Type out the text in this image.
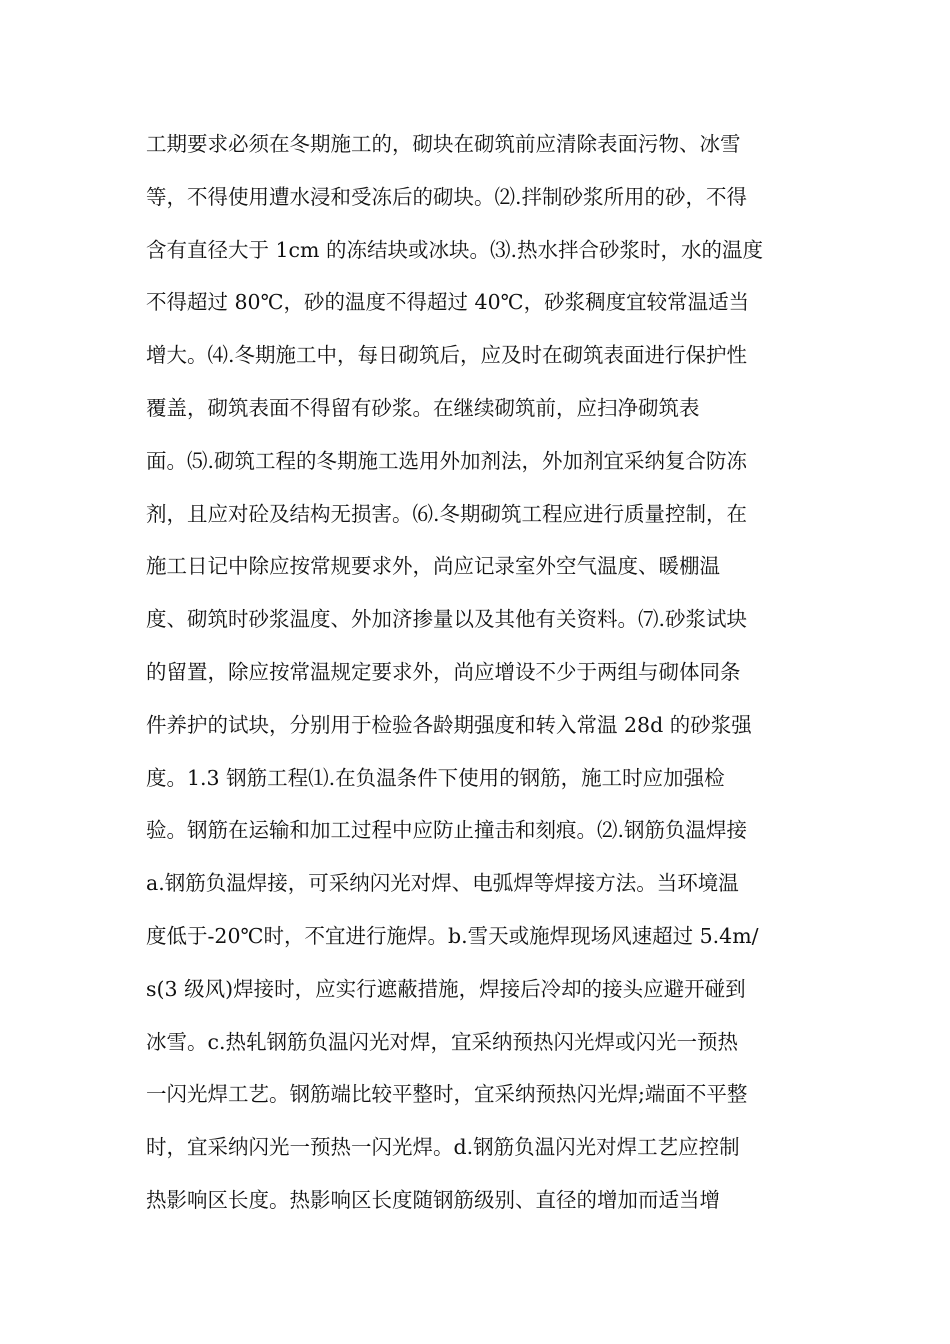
工期要求必须在冬期施工的，砌块在砌筑前应清除表面污物、冰雪
等，不得使用遭水浸和受冻后的砌块。⑵.拌制砂浆所用的砂，不得
含有直径大于 1cm 的冻结块或冰块。⑶.热水拌合砂浆时，水的温度
不得超过 80℃，砂的温度不得超过 40℃，砂浆稠度宜较常温适当
增大。⑷.冬期施工中，每日砌筑后，应及时在砌筑表面进行保护性
覆盖，砌筑表面不得留有砂浆。在继续砌筑前，应扫净砌筑表
面。⑸.砌筑工程的冬期施工选用外加剂法，外加剂宜采纳复合防冻
剂，且应对砼及结构无损害。⑹.冬期砌筑工程应进行质量控制，在
施工日记中除应按常规要求外，尚应记录室外空气温度、暖棚温
度、砌筑时砂浆温度、外加济掺量以及其他有关资料。⑺.砂浆试块
的留置，除应按常温规定要求外，尚应增设不少于两组与砌体同条
件养护的试块，分别用于检验各龄期强度和转入常温 28d 的砂浆强
度。1.3 钢筋工程⑴.在负温条件下使用的钢筋，施工时应加强检
验。钢筋在运输和加工过程中应防止撞击和刻痕。⑵.钢筋负温焊接
a.钢筋负温焊接，可采纳闪光对焊、电弧焊等焊接方法。当环境温
度低于-20℃时，不宜进行施焊。b.雪天或施焊现场风速超过 5.4m/
s(3 级风)焊接时，应实行遮蔽措施，焊接后冷却的接头应避开碰到
冰雪。c.热轧钢筋负温闪光对焊，宜采纳预热闪光焊或闪光一预热
一闪光焊工艺。钢筋端比较平整时，宜采纳预热闪光焊;端面不平整
时，宜采纳闪光一预热一闪光焊。d.钢筋负温闪光对焊工艺应控制
热影响区长度。热影响区长度随钢筋级别、直径的增加而适当增
